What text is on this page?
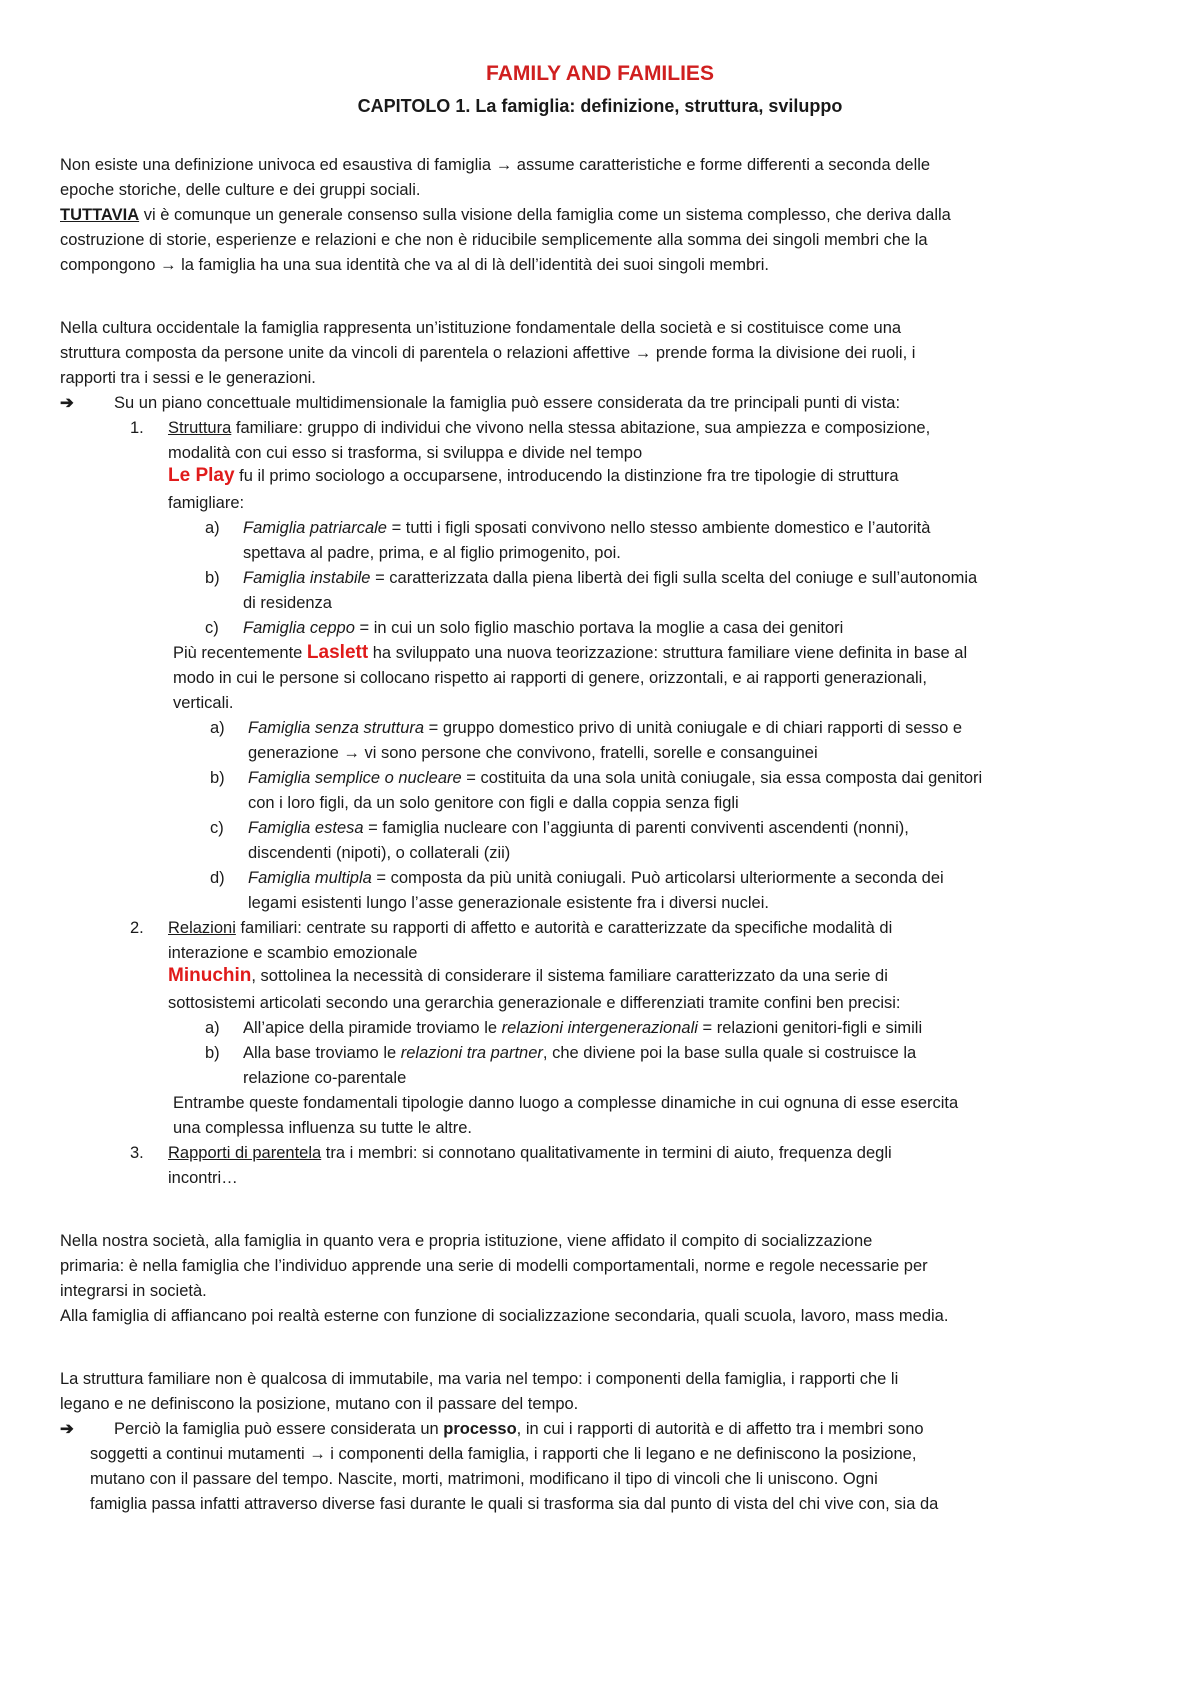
FAMILY AND FAMILIES
CAPITOLO 1. La famiglia: definizione, struttura, sviluppo
Non esiste una definizione univoca ed esaustiva di famiglia → assume caratteristiche e forme differenti a seconda delle
epoche storiche, delle culture e dei gruppi sociali.
TUTTAVIA vi è comunque un generale consenso sulla visione della famiglia come un sistema complesso, che deriva dalla
costruzione di storie, esperienze e relazioni e che non è riducibile semplicemente alla somma dei singoli membri che la
compongono → la famiglia ha una sua identità che va al di là dell’identità dei suoi singoli membri.
Nella cultura occidentale la famiglia rappresenta un’istituzione fondamentale della società e si costituisce come una
struttura composta da persone unite da vincoli di parentela o relazioni affettive → prende forma la divisione dei ruoli, i
rapporti tra i sessi e le generazioni.
➔ Su un piano concettuale multidimensionale la famiglia può essere considerata da tre principali punti di vista:
1. Struttura familiare: gruppo di individui che vivono nella stessa abitazione, sua ampiezza e composizione,
modalità con cui esso si trasforma, si sviluppa e divide nel tempo
Le Play fu il primo sociologo a occuparsene, introducendo la distinzione fra tre tipologie di struttura
famigliare:
a) Famiglia patriarcale = tutti i figli sposati convivono nello stesso ambiente domestico e l’autorità
spettava al padre, prima, e al figlio primogenito, poi.
b) Famiglia instabile = caratterizzata dalla piena libertà dei figli sulla scelta del coniuge e sull’autonomia
di residenza
c) Famiglia ceppo = in cui un solo figlio maschio portava la moglie a casa dei genitori
Più recentemente Laslett ha sviluppato una nuova teorizzazione: struttura familiare viene definita in base al
modo in cui le persone si collocano rispetto ai rapporti di genere, orizzontali, e ai rapporti generazionali,
verticali.
a) Famiglia senza struttura = gruppo domestico privo di unità coniugale e di chiari rapporti di sesso e
generazione → vi sono persone che convivono, fratelli, sorelle e consanguinei
b) Famiglia semplice o nucleare = costituita da una sola unità coniugale, sia essa composta dai genitori
con i loro figli, da un solo genitore con figli e dalla coppia senza figli
c) Famiglia estesa = famiglia nucleare con l’aggiunta di parenti conviventi ascendenti (nonni),
discendenti (nipoti), o collaterali (zii)
d) Famiglia multipla = composta da più unità coniugali. Può articolarsi ulteriormente a seconda dei
legami esistenti lungo l’asse generazionale esistente fra i diversi nuclei.
2. Relazioni familiari: centrate su rapporti di affetto e autorità e caratterizzate da specifiche modalità di
interazione e scambio emozionale
Minuchin, sottolinea la necessità di considerare il sistema familiare caratterizzato da una serie di
sottosistemi articolati secondo una gerarchia generazionale e differenziati tramite confini ben precisi:
a) All’apice della piramide troviamo le relazioni intergenerazionali = relazioni genitori-figli e simili
b) Alla base troviamo le relazioni tra partner, che diviene poi la base sulla quale si costruisce la
relazione co-parentale
Entrambe queste fondamentali tipologie danno luogo a complesse dinamiche in cui ognuna di esse esercita
una complessa influenza su tutte le altre.
3. Rapporti di parentela tra i membri: si connotano qualitativamente in termini di aiuto, frequenza degli
incontri…
Nella nostra società, alla famiglia in quanto vera e propria istituzione, viene affidato il compito di socializzazione
primaria: è nella famiglia che l’individuo apprende una serie di modelli comportamentali, norme e regole necessarie per
integrarsi in società.
Alla famiglia di affiancano poi realtà esterne con funzione di socializzazione secondaria, quali scuola, lavoro, mass media.
La struttura familiare non è qualcosa di immutabile, ma varia nel tempo: i componenti della famiglia, i rapporti che li
legano e ne definiscono la posizione, mutano con il passare del tempo.
➔ Perciò la famiglia può essere considerata un processo, in cui i rapporti di autorità e di affetto tra i membri sono
soggetti a continui mutamenti → i componenti della famiglia, i rapporti che li legano e ne definiscono la posizione,
mutano con il passare del tempo. Nascite, morti, matrimoni, modificano il tipo di vincoli che li uniscono. Ogni
famiglia passa infatti attraverso diverse fasi durante le quali si trasforma sia dal punto di vista del chi vive con, sia da
